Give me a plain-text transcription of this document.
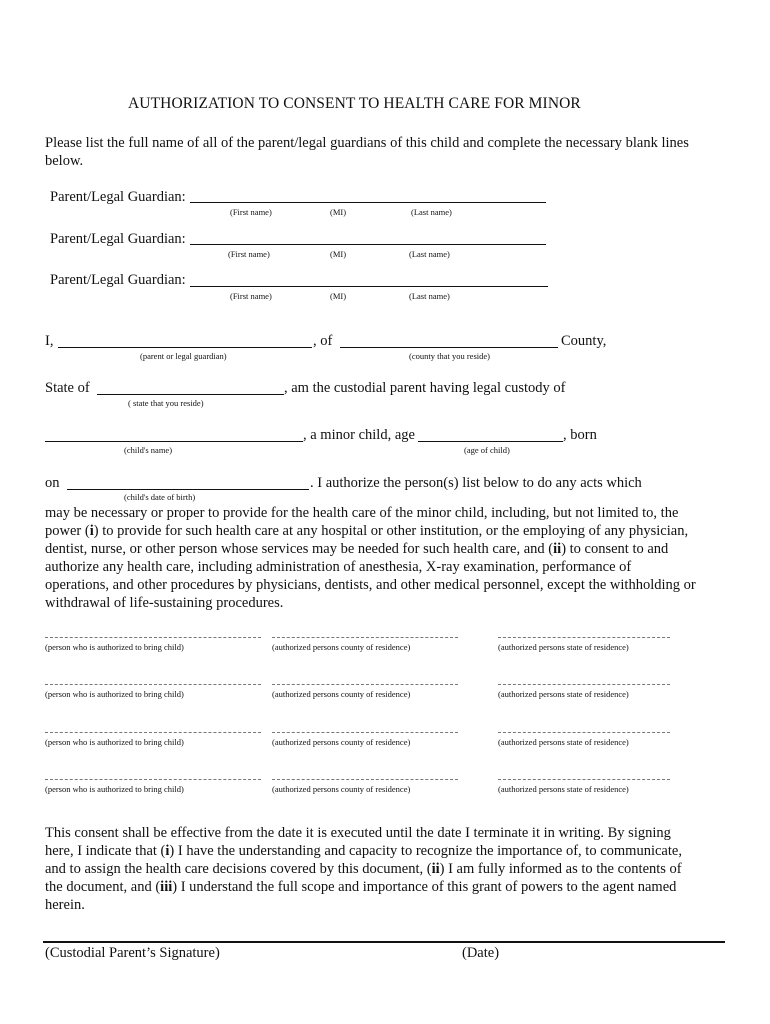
AUTHORIZATION TO CONSENT TO HEALTH CARE FOR MINOR
Please list the full name of all of the parent/legal guardians of this child and complete the necessary blank lines
below.
Parent/Legal Guardian:
(First name)	(MI)	(Last name)
Parent/Legal Guardian:
(First name)	(MI)	(Last name)
Parent/Legal Guardian:
(First name)	(MI)	(Last name)
I,	, of	County,
(parent or legal guardian)	(county that you reside)
State of	, am the custodial parent having legal custody of
( state that you reside)
, a minor child, age	, born
(child's name)	(age of child)
on	. I authorize the person(s) list below to do any acts which
(child's date of birth)
may be necessary or proper to provide for the health care of the minor child, including, but not limited to, the
power (i) to provide for such health care at any hospital or other institution, or the employing of any physician,
dentist, nurse, or other person whose services may be needed for such health care, and (ii) to consent to and
authorize any health care, including administration of anesthesia, X-ray examination, performance of
operations, and other procedures by physicians, dentists, and other medical personnel, except the withholding or
withdrawal of life-sustaining procedures.
(person who is authorized to bring child)	(authorized persons county of residence)	(authorized persons state of residence)
(person who is authorized to bring child)	(authorized persons county of residence)	(authorized persons state of residence)
(person who is authorized to bring child)	(authorized persons county of residence)	(authorized persons state of residence)
(person who is authorized to bring child)	(authorized persons county of residence)	(authorized persons state of residence)
This consent shall be effective from the date it is executed until the date I terminate it in writing. By signing
here, I indicate that (i) I have the understanding and capacity to recognize the importance of, to communicate,
and to assign the health care decisions covered by this document, (ii) I am fully informed as to the contents of
the document, and (iii) I understand the full scope and importance of this grant of powers to the agent named
herein.
(Custodial Parent’s Signature)	(Date)
